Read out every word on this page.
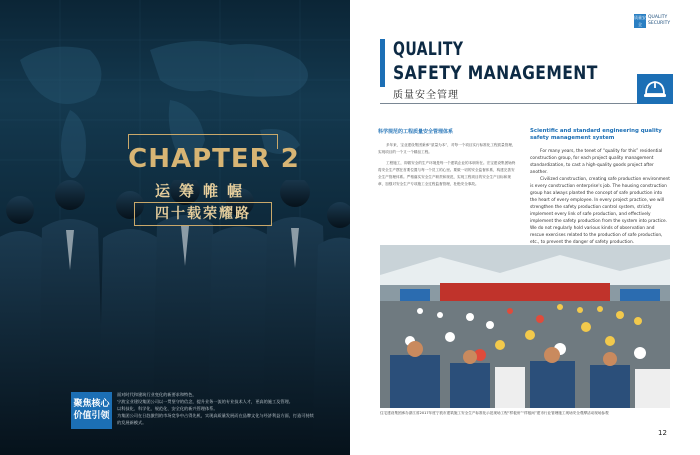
CHAPTER 2
运筹帷幄
四十载荣耀路
聚焦核心
价值引领
面对时代和建筑行业变化的新要求和特色，
宁波宝业建设集团公司以一贯坚守的信念，提升业务一流的专业技术人才，更高的施工及管理。
以科技化、科学化、规范化、安全化的新兴管理体系。
为集团公司在日趋激烈的市场竞争中占得先机，实现高质量发展而在品牌文化与经济利益方面，打造可持续的发展新模式。
质量安全
QUALITY
SECURITY
QUALITY
SAFETY MANAGEMENT
质量安全管理
科学规范的工程质量安全管理体系

多年来，宝业建设集团秉承“质量为本”，对每一个项目实行标准化工程质量管理，实现项目的一个又一个精品工程。

工程施工，即做安全的生产环境是每一个建筑企业的本职所在。宏宝建设集团始终将安全生产摆在首要位置与每一个员工的心里。要做一切的安全监督体系，构建完善安全生产管理体系。严格落实安全生产职责和规范，实现工程项目的安全生产目标和规章，加强对安全生产专项施工全过程监督管理，杜绝安全事故。

Scientific and standard engineering quality safety management system

For many years, the tenet of “quality for this” residential construction group, for each project quality management standardization, to cast a high-quality goods project after another.

Civilized construction, creating safe production environment is every construction enterprise's job. The housing construction group has always planted the concept of safe production into the heart of every employee. In every project practice, we will strengthen the safety production control system, strictly implement every link of safe production, and effectively implement the safety production from the system into practice. We do not regularly hold various kinds of observation and rescue exercises related to the production of safe production, etc., to prevent the danger of safety production.

住宅建设集团承办浙江省2017年度宁波市建筑施工安全生产标准化示范现场工程“样板房”“样板间”建市行业管理施工现场安全观摩活动现场参观
12
